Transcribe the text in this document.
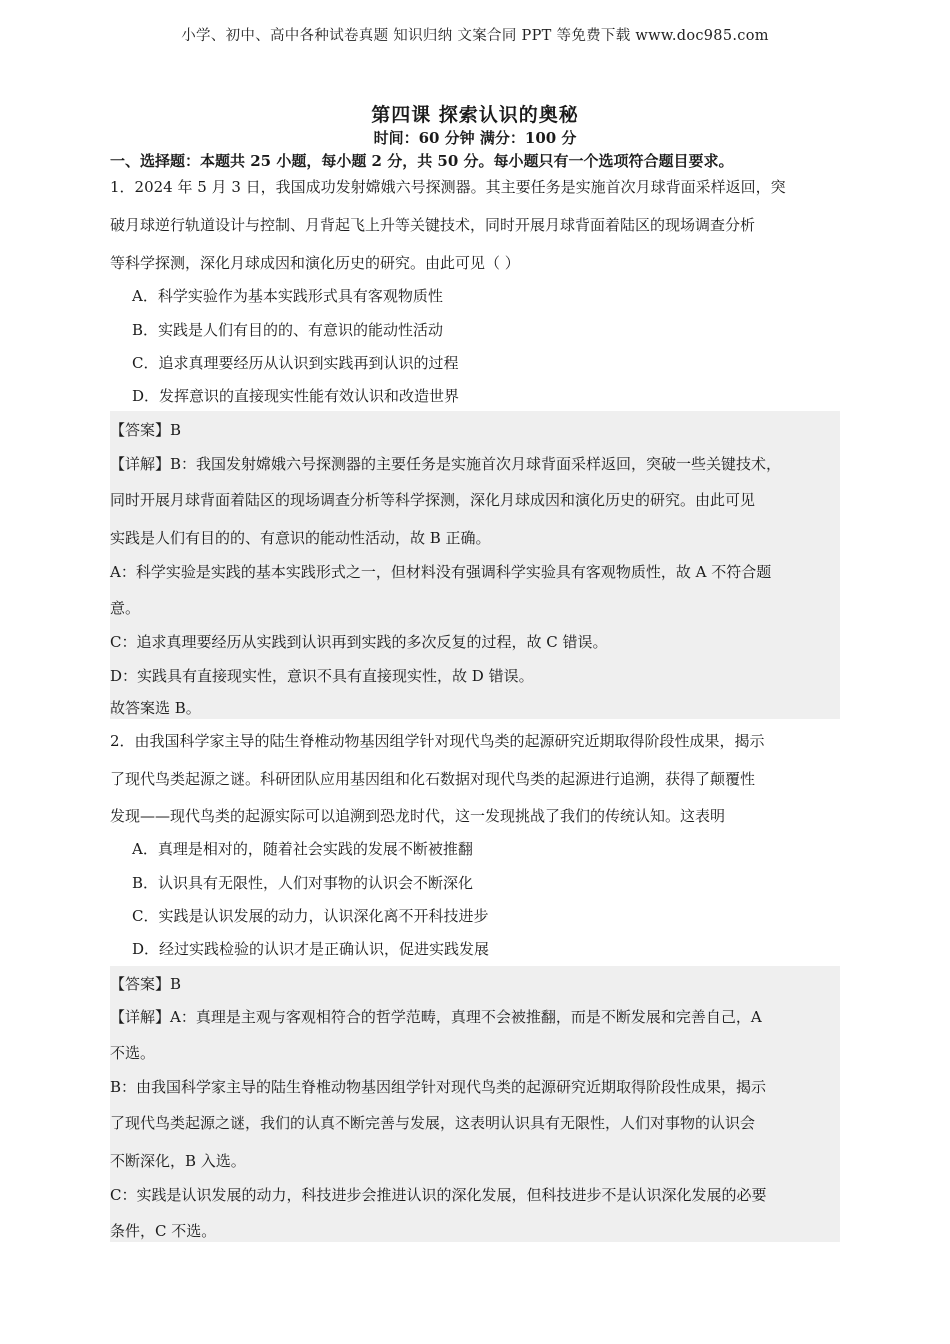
小学、初中、高中各种试卷真题 知识归纳 文案合同 PPT 等免费下载 www.doc985.com
第四课 探索认识的奥秘
时间：60 分钟 满分：100 分
一、选择题：本题共 25 小题，每小题 2 分，共 50 分。每小题只有一个选项符合题目要求。
1．2024 年 5 月 3 日，我国成功发射嫦娥六号探测器。其主要任务是实施首次月球背面采样返回，突
破月球逆行轨道设计与控制、月背起飞上升等关键技术，同时开展月球背面着陆区的现场调查分析
等科学探测，深化月球成因和演化历史的研究。由此可见（ ）
A．科学实验作为基本实践形式具有客观物质性
B．实践是人们有目的的、有意识的能动性活动
C．追求真理要经历从认识到实践再到认识的过程
D．发挥意识的直接现实性能有效认识和改造世界
【答案】B
【详解】B：我国发射嫦娥六号探测器的主要任务是实施首次月球背面采样返回，突破一些关键技术，
同时开展月球背面着陆区的现场调查分析等科学探测，深化月球成因和演化历史的研究。由此可见
实践是人们有目的的、有意识的能动性活动，故 B 正确。
A：科学实验是实践的基本实践形式之一，但材料没有强调科学实验具有客观物质性，故 A 不符合题
意。
C：追求真理要经历从实践到认识再到实践的多次反复的过程，故 C 错误。
D：实践具有直接现实性，意识不具有直接现实性，故 D 错误。
故答案选 B。
2．由我国科学家主导的陆生脊椎动物基因组学针对现代鸟类的起源研究近期取得阶段性成果，揭示
了现代鸟类起源之谜。科研团队应用基因组和化石数据对现代鸟类的起源进行追溯，获得了颠覆性
发现——现代鸟类的起源实际可以追溯到恐龙时代，这一发现挑战了我们的传统认知。这表明
A．真理是相对的，随着社会实践的发展不断被推翻
B．认识具有无限性，人们对事物的认识会不断深化
C．实践是认识发展的动力，认识深化离不开科技进步
D．经过实践检验的认识才是正确认识，促进实践发展
【答案】B
【详解】A：真理是主观与客观相符合的哲学范畴，真理不会被推翻，而是不断发展和完善自己，A
不选。
B：由我国科学家主导的陆生脊椎动物基因组学针对现代鸟类的起源研究近期取得阶段性成果，揭示
了现代鸟类起源之谜，我们的认真不断完善与发展，这表明认识具有无限性，人们对事物的认识会
不断深化，B 入选。
C：实践是认识发展的动力，科技进步会推进认识的深化发展，但科技进步不是认识深化发展的必要
条件，C 不选。
